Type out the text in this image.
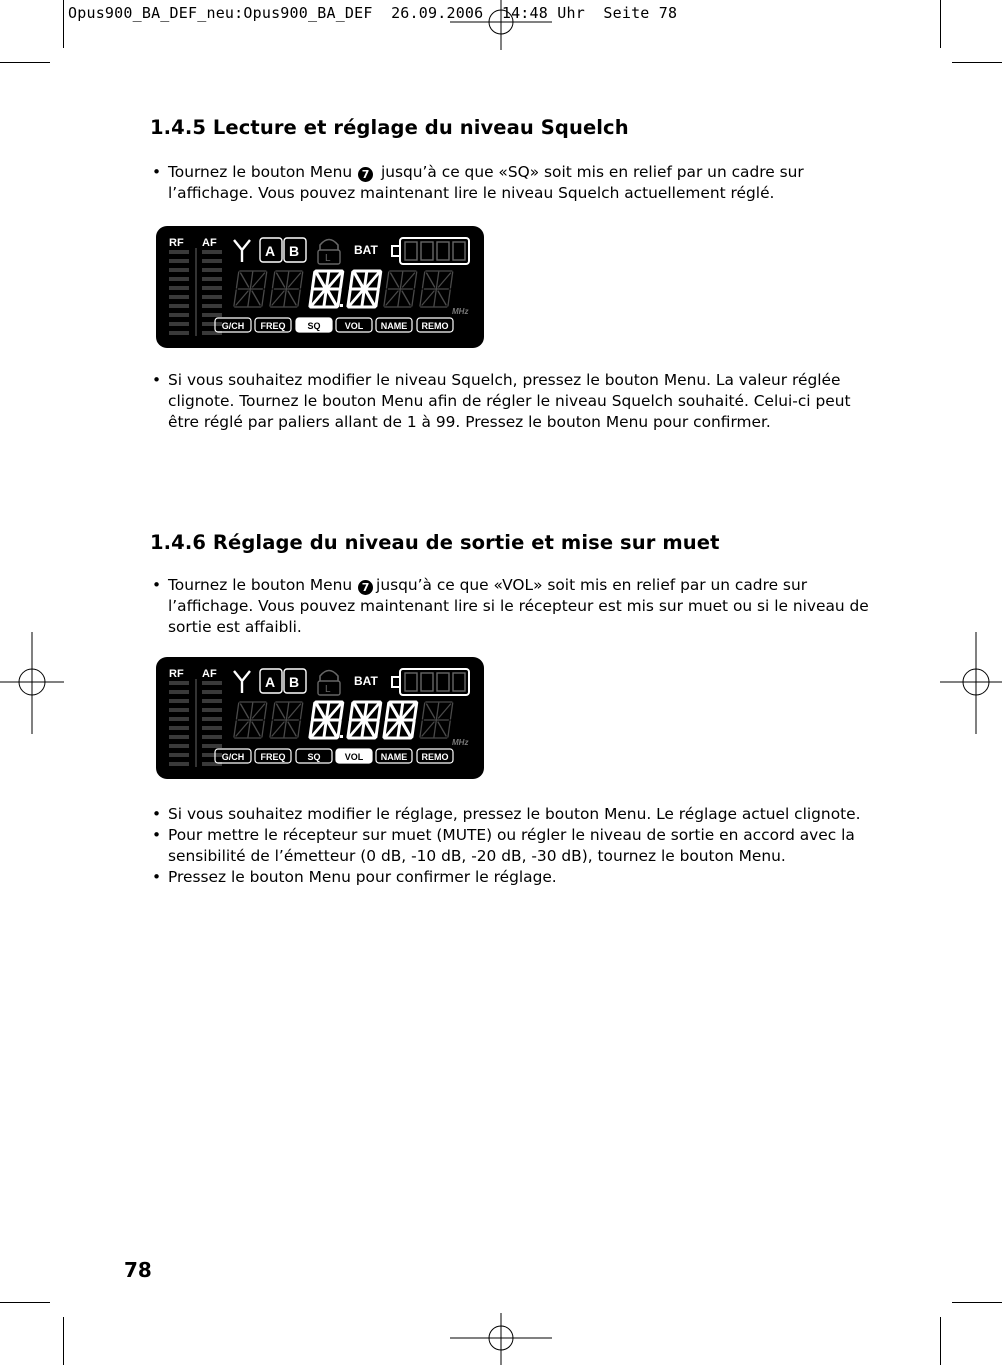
Opus900_BA_DEF_neu:Opus900_BA_DEF  26.09.2006  14:48 Uhr  Seite 78
1.4.5 Lecture et réglage du niveau Squelch
• Tournez le bouton Menu 7 jusqu’à ce que «SQ» soit mis en relief par un cadre sur l’affichage. Vous pouvez maintenant lire le niveau Squelch actuellement réglé.
RF AF	A B	L
BAT
MHz
G/CH FREQ SQ	VOL NAME REMO
• Si vous souhaitez modifier le niveau Squelch, pressez le bouton Menu. La valeur réglée clignote. Tournez le bouton Menu afin de régler le niveau Squelch souhaité. Celui-ci peut être réglé par paliers allant de 1 à 99. Pressez le bouton Menu pour confirmer.
1.4.6 Réglage du niveau de sortie et mise sur muet
• Tournez le bouton Menu 7 jusqu’à ce que «VOL» soit mis en relief par un cadre sur l’affichage. Vous pouvez maintenant lire si le récepteur est mis sur muet ou si le niveau de sortie est affaibli.
RF AF	A B	L
BAT
MHz
G/CH FREQ SQ	VOL NAME REMO
• Si vous souhaitez modifier le réglage, pressez le bouton Menu. Le réglage actuel clignote.
• Pour mettre le récepteur sur muet (MUTE) ou régler le niveau de sortie en accord avec la sensibilité de l’émetteur (0 dB, -10 dB, -20 dB, -30 dB), tournez le bouton Menu.
• Pressez le bouton Menu pour confirmer le réglage.
78
